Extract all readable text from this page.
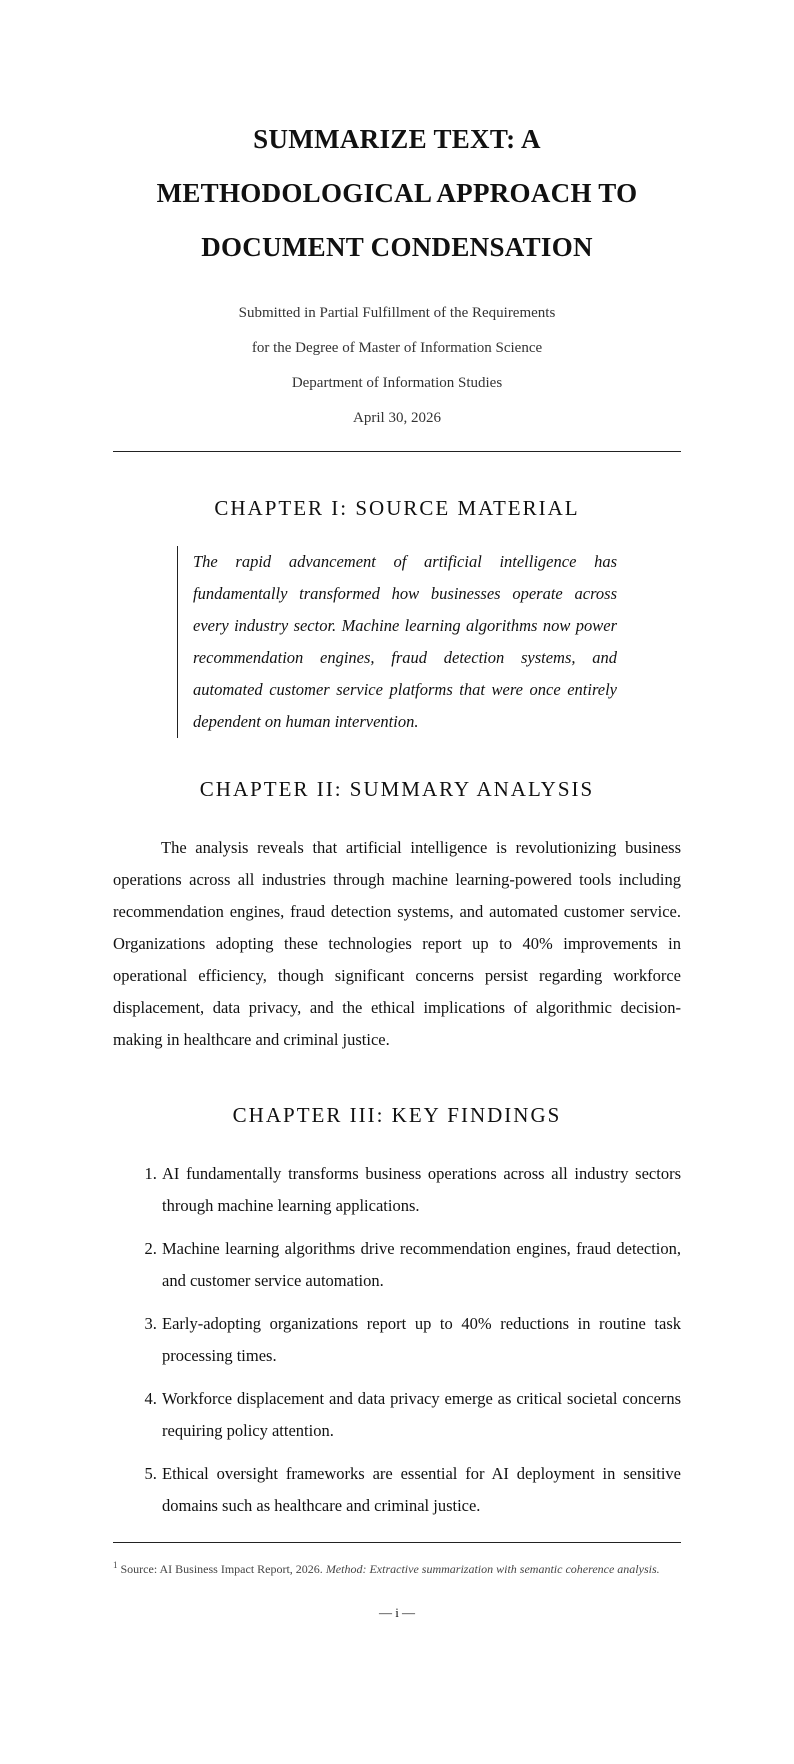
SUMMARIZE TEXT: A
METHODOLOGICAL APPROACH TO
DOCUMENT CONDENSATION
Submitted in Partial Fulfillment of the Requirements
for the Degree of Master of Information Science
Department of Information Studies
April 30, 2026
CHAPTER I: SOURCE MATERIAL
The rapid advancement of artificial intelligence has fundamentally transformed how businesses operate across every industry sector. Machine learning algorithms now power recommendation engines, fraud detection systems, and automated customer service platforms that were once entirely dependent on human intervention.
CHAPTER II: SUMMARY ANALYSIS
The analysis reveals that artificial intelligence is revolutionizing business operations across all industries through machine learning-powered tools including recommendation engines, fraud detection systems, and automated customer service. Organizations adopting these technologies report up to 40% improvements in operational efficiency, though significant concerns persist regarding workforce displacement, data privacy, and the ethical implications of algorithmic decision-making in healthcare and criminal justice.
CHAPTER III: KEY FINDINGS
1. AI fundamentally transforms business operations across all industry sectors through machine learning applications.
2. Machine learning algorithms drive recommendation engines, fraud detection, and customer service automation.
3. Early-adopting organizations report up to 40% reductions in routine task processing times.
4. Workforce displacement and data privacy emerge as critical societal concerns requiring policy attention.
5. Ethical oversight frameworks are essential for AI deployment in sensitive domains such as healthcare and criminal justice.
$^1$ Source: AI Business Impact Report, 2026. Method: Extractive summarization with semantic coherence analysis.
— i —
